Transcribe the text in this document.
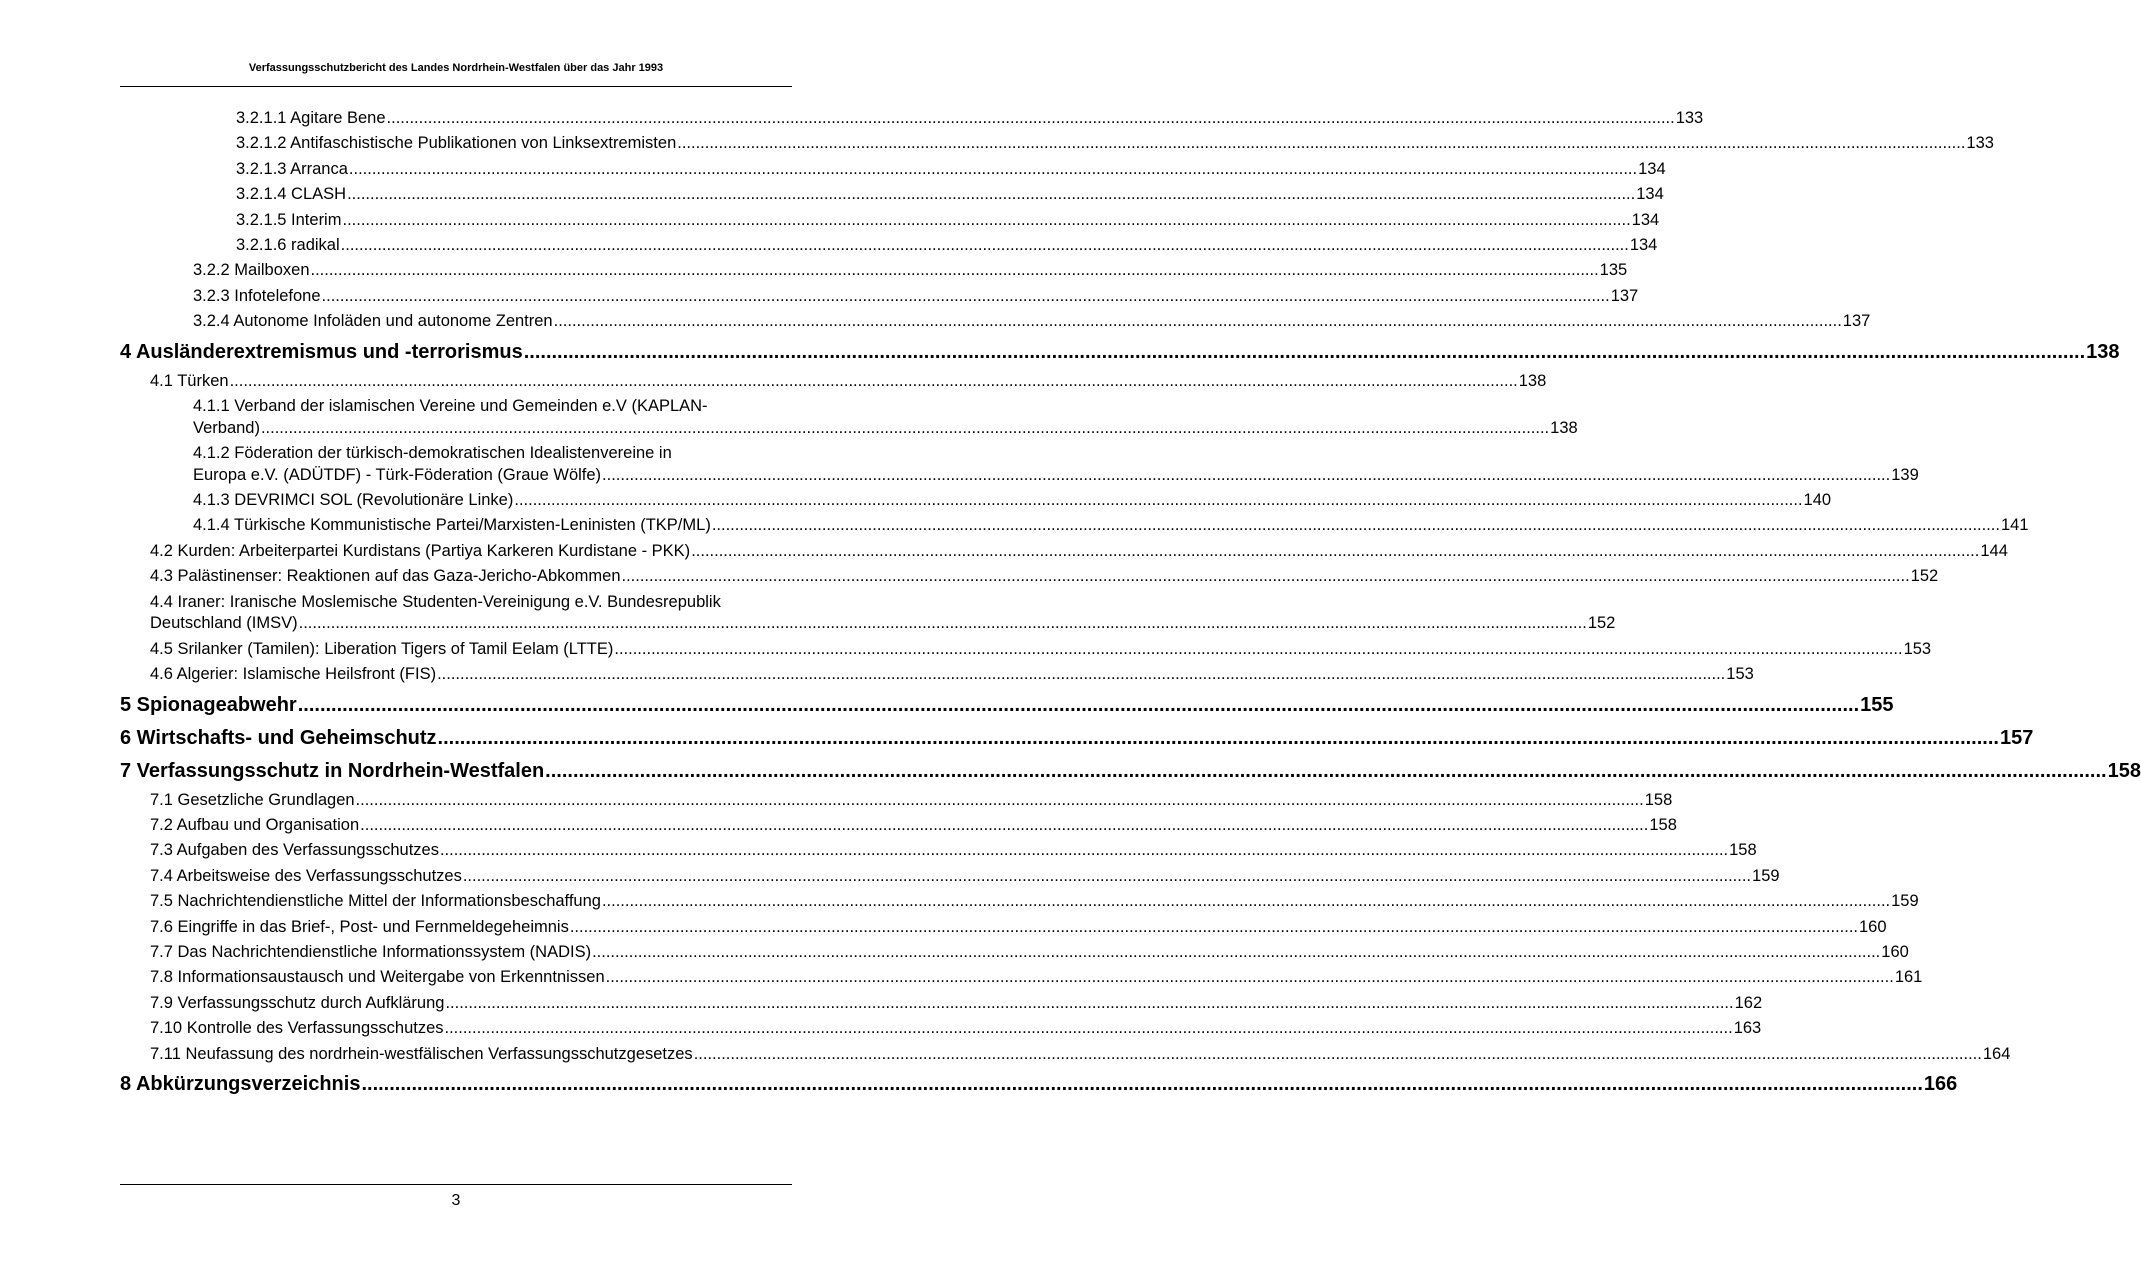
Verfassungsschutzbericht des Landes Nordrhein-Westfalen über das Jahr 1993
3.2.1.1 Agitare Bene .....	133
3.2.1.2 Antifaschistische Publikationen von Linksextremisten .....	133
3.2.1.3 Arranca .....	134
3.2.1.4 CLASH .....	134
3.2.1.5 Interim .....	134
3.2.1.6 radikal .....	134
3.2.2 Mailboxen .....	135
3.2.3 Infotelefone .....	137
3.2.4 Autonome Infoläden und autonome Zentren .....	137
4 Ausländerextremismus und -terrorismus .....	138
4.1 Türken .....	138
4.1.1 Verband der islamischen Vereine und Gemeinden e.V (KAPLAN-
Verband) .....	138
4.1.2 Föderation der türkisch-demokratischen Idealistenvereine in
Europa e.V. (ADÜTDF) - Türk-Föderation (Graue Wölfe) .....	139
4.1.3 DEVRIMCI SOL (Revolutionäre Linke) .....	140
4.1.4 Türkische Kommunistische Partei/Marxisten-Leninisten (TKP/ML) .....	141
4.2 Kurden: Arbeiterpartei Kurdistans (Partiya Karkeren Kurdistane - PKK) .....	144
4.3 Palästinenser: Reaktionen auf das Gaza-Jericho-Abkommen .....	152
4.4 Iraner: Iranische Moslemische Studenten-Vereinigung e.V. Bundesrepublik
Deutschland (IMSV) .....	152
4.5 Srilanker (Tamilen): Liberation Tigers of Tamil Eelam (LTTE) .....	153
4.6 Algerier: Islamische Heilsfront (FIS) .....	153
5 Spionageabwehr .....	155
6 Wirtschafts- und Geheimschutz .....	157
7 Verfassungsschutz in Nordrhein-Westfalen .....	158
7.1 Gesetzliche Grundlagen .....	158
7.2 Aufbau und Organisation .....	158
7.3 Aufgaben des Verfassungsschutzes .....	158
7.4 Arbeitsweise des Verfassungsschutzes .....	159
7.5 Nachrichtendienstliche Mittel der Informationsbeschaffung .....	159
7.6 Eingriffe in das Brief-, Post- und Fernmeldegeheimnis .....	160
7.7 Das Nachrichtendienstliche Informationssystem (NADIS) .....	160
7.8 Informationsaustausch und Weitergabe von Erkenntnissen .....	161
7.9 Verfassungsschutz durch Aufklärung .....	162
7.10 Kontrolle des Verfassungsschutzes .....	163
7.11 Neufassung des nordrhein-westfälischen Verfassungsschutzgesetzes .....	164
8 Abkürzungsverzeichnis .....	166
3
